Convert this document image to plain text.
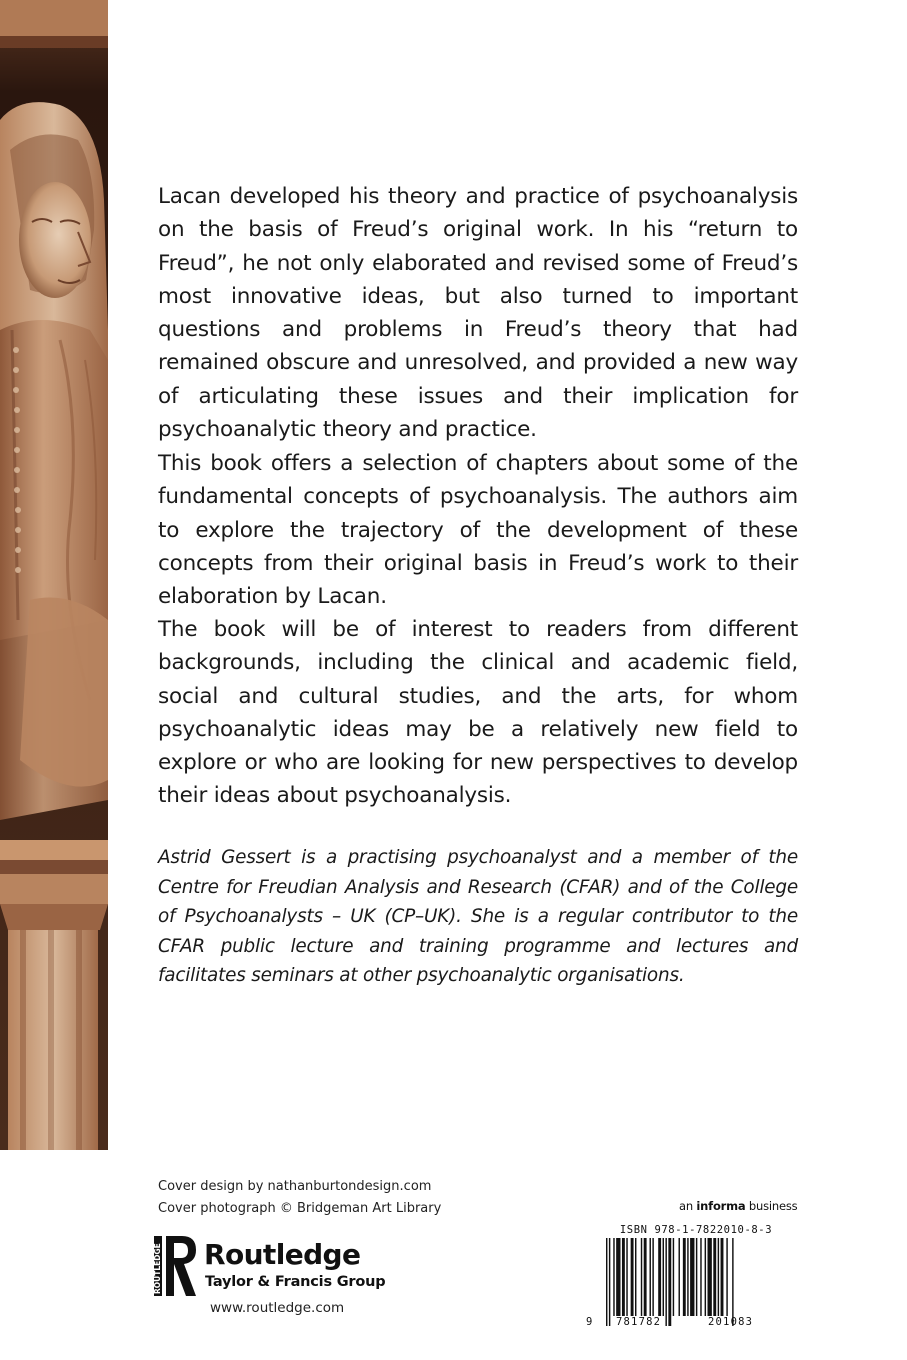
Lacan developed his theory and practice of psychoanalysis on the basis of Freud’s original work. In his “return to Freud”, he not only elaborated and revised some of Freud’s most innovative ideas, but also turned to important questions and problems in Freud’s theory that had remained obscure and unresolved, and provided a new way of articulating these issues and their implication for psychoanalytic theory and practice.

This book offers a selection of chapters about some of the fundamental concepts of psychoanalysis. The authors aim to explore the trajectory of the development of these concepts from their original basis in Freud’s work to their elaboration by Lacan.

The book will be of interest to readers from different backgrounds, including the clinical and academic field, social and cultural studies, and the arts, for whom psychoanalytic ideas may be a relatively new field to explore or who are looking for new perspectives to develop their ideas about psychoanalysis.

Astrid Gessert is a practising psychoanalyst and a member of the Centre for Freudian Analysis and Research (CFAR) and of the College of Psychoanalysts – UK (CP–UK). She is a regular contributor to the CFAR public lecture and training programme and lectures and facilitates seminars at other psychoanalytic organisations.

Cover design by nathanburtondesign.com
Cover photograph © Bridgeman Art Library
ROUTLEDGE Routledge
Taylor & Francis Group
www.routledge.com
an informa business
ISBN 978-1-7822010-8-3
9 781782	201083
